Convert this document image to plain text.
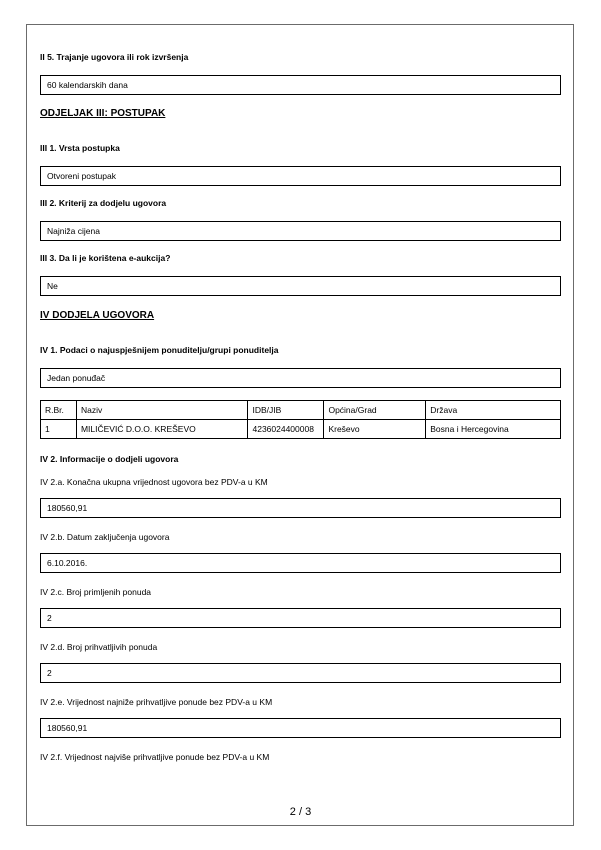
II 5. Trajanje ugovora ili rok izvršenja
60 kalendarskih dana
ODJELJAK III: POSTUPAK
III 1. Vrsta postupka
Otvoreni postupak
III 2. Kriterij za dodjelu ugovora
Najniža cijena
III 3. Da li je korištena e-aukcija?
Ne
IV DODJELA UGOVORA
IV 1. Podaci o najuspješnijem ponuditelju/grupi ponuditelja
Jedan ponuđač
R.Br.	Naziv	IDB/JIB	Općina/Grad	Država
1	MILIČEVIĆ D.O.O. KREŠEVO	4236024400008	Kreševo	Bosna i Hercegovina
IV 2. Informacije o dodjeli ugovora
IV 2.a. Konačna ukupna vrijednost ugovora bez PDV-a u KM
180560,91
IV 2.b. Datum zaključenja ugovora
6.10.2016.
IV 2.c. Broj primljenih ponuda
2
IV 2.d. Broj prihvatljivih ponuda
2
IV 2.e. Vrijednost najniže prihvatljive ponude bez PDV-a u KM
180560,91
IV 2.f. Vrijednost najviše prihvatljive ponude bez PDV-a u KM
2 / 3
